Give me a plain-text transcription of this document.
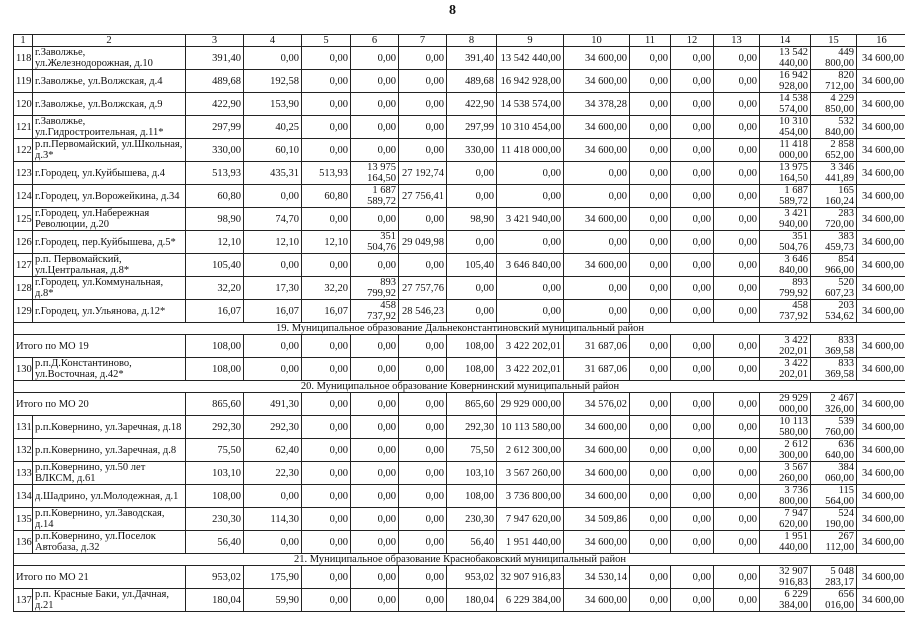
8
1	2	3	4	5	6	7	8	9	10	11	12	13	14	15	16
118	г.Заволжье, ул.Железнодорожная, д.10	391,40	0,00	0,00	0,00	0,00	391,40	13 542 440,00	34 600,00	0,00	0,00	0,00	13 542 440,00	449 800,00	34 600,00
119	г.Заволжье, ул.Волжская, д.4	489,68	192,58	0,00	0,00	0,00	489,68	16 942 928,00	34 600,00	0,00	0,00	0,00	16 942 928,00	820 712,00	34 600,00
120	г.Заволжье, ул.Волжская, д.9	422,90	153,90	0,00	0,00	0,00	422,90	14 538 574,00	34 378,28	0,00	0,00	0,00	14 538 574,00	4 229 850,00	34 600,00
121	г.Заволжье, ул.Гидростроительная, д.11*	297,99	40,25	0,00	0,00	0,00	297,99	10 310 454,00	34 600,00	0,00	0,00	0,00	10 310 454,00	532 840,00	34 600,00
122	р.п.Первомайский, ул.Школьная, д.3*	330,00	60,10	0,00	0,00	0,00	330,00	11 418 000,00	34 600,00	0,00	0,00	0,00	11 418 000,00	2 858 652,00	34 600,00
123	г.Городец, ул.Куйбышева, д.4	513,93	435,31	513,93	13 975 164,50	27 192,74	0,00	0,00	0,00	0,00	0,00	0,00	13 975 164,50	3 346 441,89	34 600,00
124	г.Городец, ул.Ворожейкина, д.34	60,80	0,00	60,80	1 687 589,72	27 756,41	0,00	0,00	0,00	0,00	0,00	0,00	1 687 589,72	165 160,24	34 600,00
125	г.Городец, ул.Набережная Революции, д.20	98,90	74,70	0,00	0,00	0,00	98,90	3 421 940,00	34 600,00	0,00	0,00	0,00	3 421 940,00	283 720,00	34 600,00
126	г.Городец, пер.Куйбышева, д.5*	12,10	12,10	12,10	351 504,76	29 049,98	0,00	0,00	0,00	0,00	0,00	0,00	351 504,76	383 459,73	34 600,00
127	р.п. Первомайский, ул.Центральная, д.8*	105,40	0,00	0,00	0,00	0,00	105,40	3 646 840,00	34 600,00	0,00	0,00	0,00	3 646 840,00	854 966,00	34 600,00
128	г.Городец, ул.Коммунальная, д.8*	32,20	17,30	32,20	893 799,92	27 757,76	0,00	0,00	0,00	0,00	0,00	0,00	893 799,92	520 607,23	34 600,00
129	г.Городец, ул.Ульянова, д.12*	16,07	16,07	16,07	458 737,92	28 546,23	0,00	0,00	0,00	0,00	0,00	0,00	458 737,92	203 534,62	34 600,00
19. Муниципальное образование Дальнеконстантиновский муниципальный район															
Итого по МО 19		108,00	0,00	0,00	0,00	0,00	108,00	3 422 202,01	31 687,06	0,00	0,00	0,00	3 422 202,01	833 369,58	34 600,00
130	р.п.Д.Константиново, ул.Восточная, д.42*	108,00	0,00	0,00	0,00	0,00	108,00	3 422 202,01	31 687,06	0,00	0,00	0,00	3 422 202,01	833 369,58	34 600,00
20. Муниципальное образование Ковернинский муниципальный район															
Итого по МО 20		865,60	491,30	0,00	0,00	0,00	865,60	29 929 000,00	34 576,02	0,00	0,00	0,00	29 929 000,00	2 467 326,00	34 600,00
131	р.п.Ковернино, ул.Заречная, д.18	292,30	292,30	0,00	0,00	0,00	292,30	10 113 580,00	34 600,00	0,00	0,00	0,00	10 113 580,00	539 760,00	34 600,00
132	р.п.Ковернино, ул.Заречная, д.8	75,50	62,40	0,00	0,00	0,00	75,50	2 612 300,00	34 600,00	0,00	0,00	0,00	2 612 300,00	636 640,00	34 600,00
133	р.п.Ковернино, ул.50 лет ВЛКСМ, д.61	103,10	22,30	0,00	0,00	0,00	103,10	3 567 260,00	34 600,00	0,00	0,00	0,00	3 567 260,00	384 060,00	34 600,00
134	д.Шадрино, ул.Молодежная, д.1	108,00	0,00	0,00	0,00	0,00	108,00	3 736 800,00	34 600,00	0,00	0,00	0,00	3 736 800,00	115 564,00	34 600,00
135	р.п.Ковернино, ул.Заводская, д.14	230,30	114,30	0,00	0,00	0,00	230,30	7 947 620,00	34 509,86	0,00	0,00	0,00	7 947 620,00	524 190,00	34 600,00
136	р.п.Ковернино, ул.Поселок Автобаза, д.32	56,40	0,00	0,00	0,00	0,00	56,40	1 951 440,00	34 600,00	0,00	0,00	0,00	1 951 440,00	267 112,00	34 600,00
21. Муниципальное образование Краснобаковский муниципальный район															
Итого по МО 21		953,02	175,90	0,00	0,00	0,00	953,02	32 907 916,83	34 530,14	0,00	0,00	0,00	32 907 916,83	5 048 283,17	34 600,00
137	р.п. Красные Баки, ул.Дачная, д.21	180,04	59,90	0,00	0,00	0,00	180,04	6 229 384,00	34 600,00	0,00	0,00	0,00	6 229 384,00	656 016,00	34 600,00
